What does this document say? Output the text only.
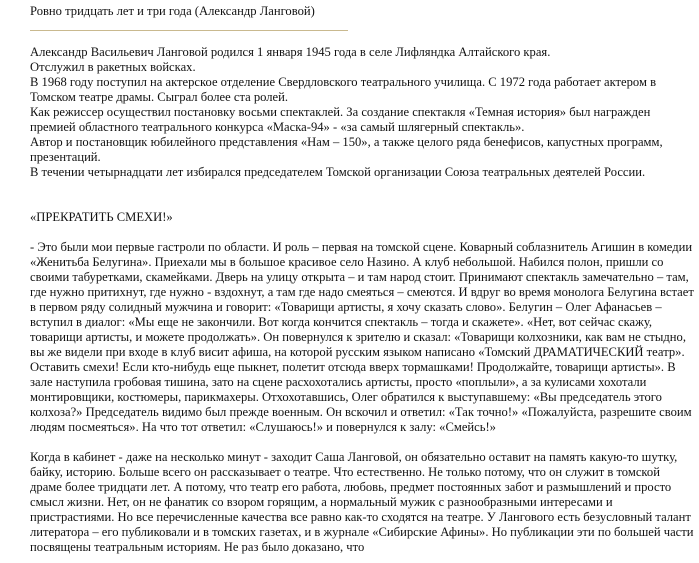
Ровно тридцать лет и три года (Александр Ланговой)

Александр Васильевич Ланговой родился 1 января 1945 года в селе Лифляндка Алтайского края.

Отслужил в ракетных войсках.

В 1968 году поступил на актерское отделение Свердловского театрального училища. С 1972 года работает актером в Томском театре драмы. Сыграл более ста ролей.

Как режиссер осуществил постановку восьми спектаклей. За создание спектакля «Темная история» был награжден премией областного театрального конкурса «Маска-94» - «за самый шлягерный спектакль».

Автор и постановщик юбилейного представления «Нам – 150», а также целого ряда бенефисов, капустных программ, презентаций.

В течении четырнадцати лет избирался председателем Томской организации Союза театральных деятелей России.

«ПРЕКРАТИТЬ СМЕХИ!»

- Это были мои первые гастроли по области. И роль – первая на томской сцене. Коварный соблазнитель Агишин в комедии «Женитьба Белугина». Приехали мы в большое красивое село Назино. А клуб небольшой. Набился полон, пришли со своими табуретками, скамейками. Дверь на улицу открыта – и там народ стоит. Принимают спектакль замечательно – там, где нужно притихнут, где нужно - вздохнут, а там где надо смеяться – смеются. И вдруг во время монолога Белугина встает в первом ряду солидный мужчина и говорит: «Товарищи артисты, я хочу сказать слово». Белугин – Олег Афанасьев – вступил в диалог: «Мы еще не закончили. Вот когда кончится спектакль – тогда и скажете». «Нет, вот сейчас скажу, товарищи артисты, и можете продолжать». Он повернулся к зрителю и сказал: «Товарищи колхозники, как вам не стыдно, вы же видели при входе в клуб висит афиша, на которой русским языком написано «Томский ДРАМАТИЧЕСКИЙ театр». Оставить смехи! Если кто-нибудь еще пыкнет, полетит отсюда вверх тормашками! Продолжайте, товарищи артисты». В зале наступила гробовая тишина, зато на сцене расхохотались артисты, просто «поплыли», а за кулисами хохотали монтировщики, костюмеры, парикмахеры. Отхохотавшись, Олег обратился к выступавшему: «Вы председатель этого колхоза?» Председатель видимо был прежде военным. Он вскочил и ответил: «Так точно!» «Пожалуйста, разрешите своим людям посмеяться». На что тот ответил: «Слушаюсь!» и повернулся к залу: «Смейсь!»

Когда в кабинет - даже на несколько минут - заходит Саша Ланговой, он обязательно оставит на память какую-то шутку, байку, историю. Больше всего он рассказывает о театре. Что естественно. Не только потому, что он служит в томской драме более тридцати лет. А потому, что театр его работа, любовь, предмет постоянных забот и размышлений и просто смысл жизни. Нет, он не фанатик со взором горящим, а нормальный мужик с разнообразными интересами и пристрастиями. Но все перечисленные качества все равно как-то сходятся на театре. У Лангового есть безусловный талант литератора – его публиковали и в томских газетах, и в журнале «Сибирские Афины». Но публикации эти по большей части посвящены театральным историям. Не раз было доказано, что
